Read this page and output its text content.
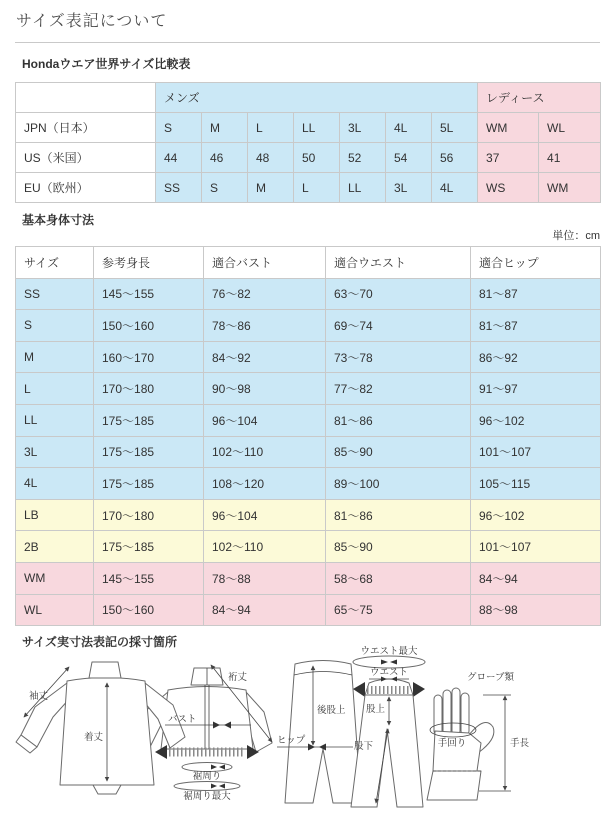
サイズ表記について
Hondaウエア世界サイズ比較表
	メンズ							レディース	
JPN（日本）	S	M	L	LL	3L	4L	5L	WM	WL
US（米国）	44	46	48	50	52	54	56	37	41
EU（欧州）	SS	S	M	L	LL	3L	4L	WS	WM
基本身体寸法
単位：cm
サイズ	参考身長	適合バスト	適合ウエスト	適合ヒップ
SS	145〜155	76〜82	63〜70	81〜87
S	150〜160	78〜86	69〜74	81〜87
M	160〜170	84〜92	73〜78	86〜92
L	170〜180	90〜98	77〜82	91〜97
LL	175〜185	96〜104	81〜86	96〜102
3L	175〜185	102〜110	85〜90	101〜107
4L	175〜185	108〜120	89〜100	105〜115
LB	170〜180	96〜104	81〜86	96〜102
2B	175〜185	102〜110	85〜90	101〜107
WM	145〜155	78〜88	58〜68	84〜94
WL	150〜160	84〜94	65〜75	88〜98
サイズ実寸法表記の採寸箇所
袖丈
着丈
裄丈
バスト
裾周り
裾周り最大
後股上
ヒップ
ウエスト最大
ウエスト
股上
股下
グローブ類
手回り	手長
